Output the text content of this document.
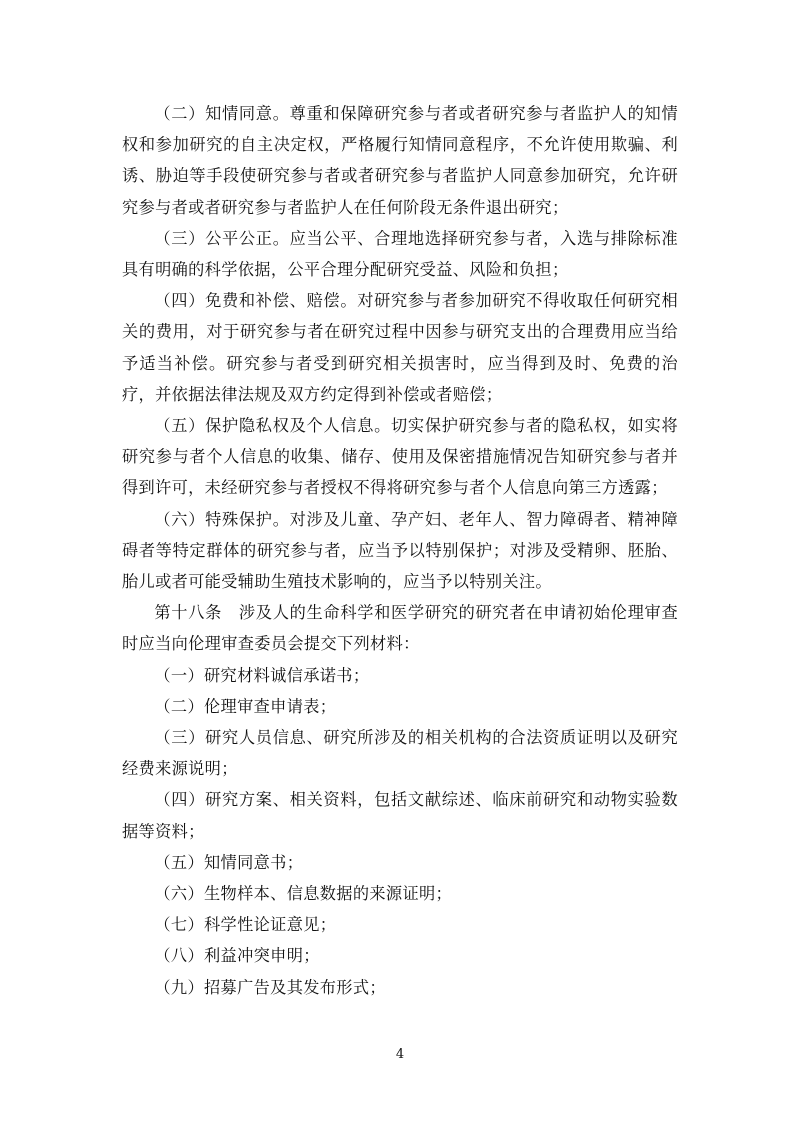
（二）知情同意。尊重和保障研究参与者或者研究参与者监护人的知情权和参加研究的自主决定权，严格履行知情同意程序，不允许使用欺骗、利诱、胁迫等手段使研究参与者或者研究参与者监护人同意参加研究，允许研究参与者或者研究参与者监护人在任何阶段无条件退出研究；

（三）公平公正。应当公平、合理地选择研究参与者，入选与排除标准具有明确的科学依据，公平合理分配研究受益、风险和负担；

（四）免费和补偿、赔偿。对研究参与者参加研究不得收取任何研究相关的费用，对于研究参与者在研究过程中因参与研究支出的合理费用应当给予适当补偿。研究参与者受到研究相关损害时，应当得到及时、免费的治疗，并依据法律法规及双方约定得到补偿或者赔偿；

（五）保护隐私权及个人信息。切实保护研究参与者的隐私权，如实将研究参与者个人信息的收集、储存、使用及保密措施情况告知研究参与者并得到许可，未经研究参与者授权不得将研究参与者个人信息向第三方透露；

（六）特殊保护。对涉及儿童、孕产妇、老年人、智力障碍者、精神障碍者等特定群体的研究参与者，应当予以特别保护；对涉及受精卵、胚胎、胎儿或者可能受辅助生殖技术影响的，应当予以特别关注。

第十八条　涉及人的生命科学和医学研究的研究者在申请初始伦理审查时应当向伦理审查委员会提交下列材料：

（一）研究材料诚信承诺书；

（二）伦理审查申请表；

（三）研究人员信息、研究所涉及的相关机构的合法资质证明以及研究经费来源说明；

（四）研究方案、相关资料，包括文献综述、临床前研究和动物实验数据等资料；

（五）知情同意书；

（六）生物样本、信息数据的来源证明；

（七）科学性论证意见；

（八）利益冲突申明；

（九）招募广告及其发布形式；

4
